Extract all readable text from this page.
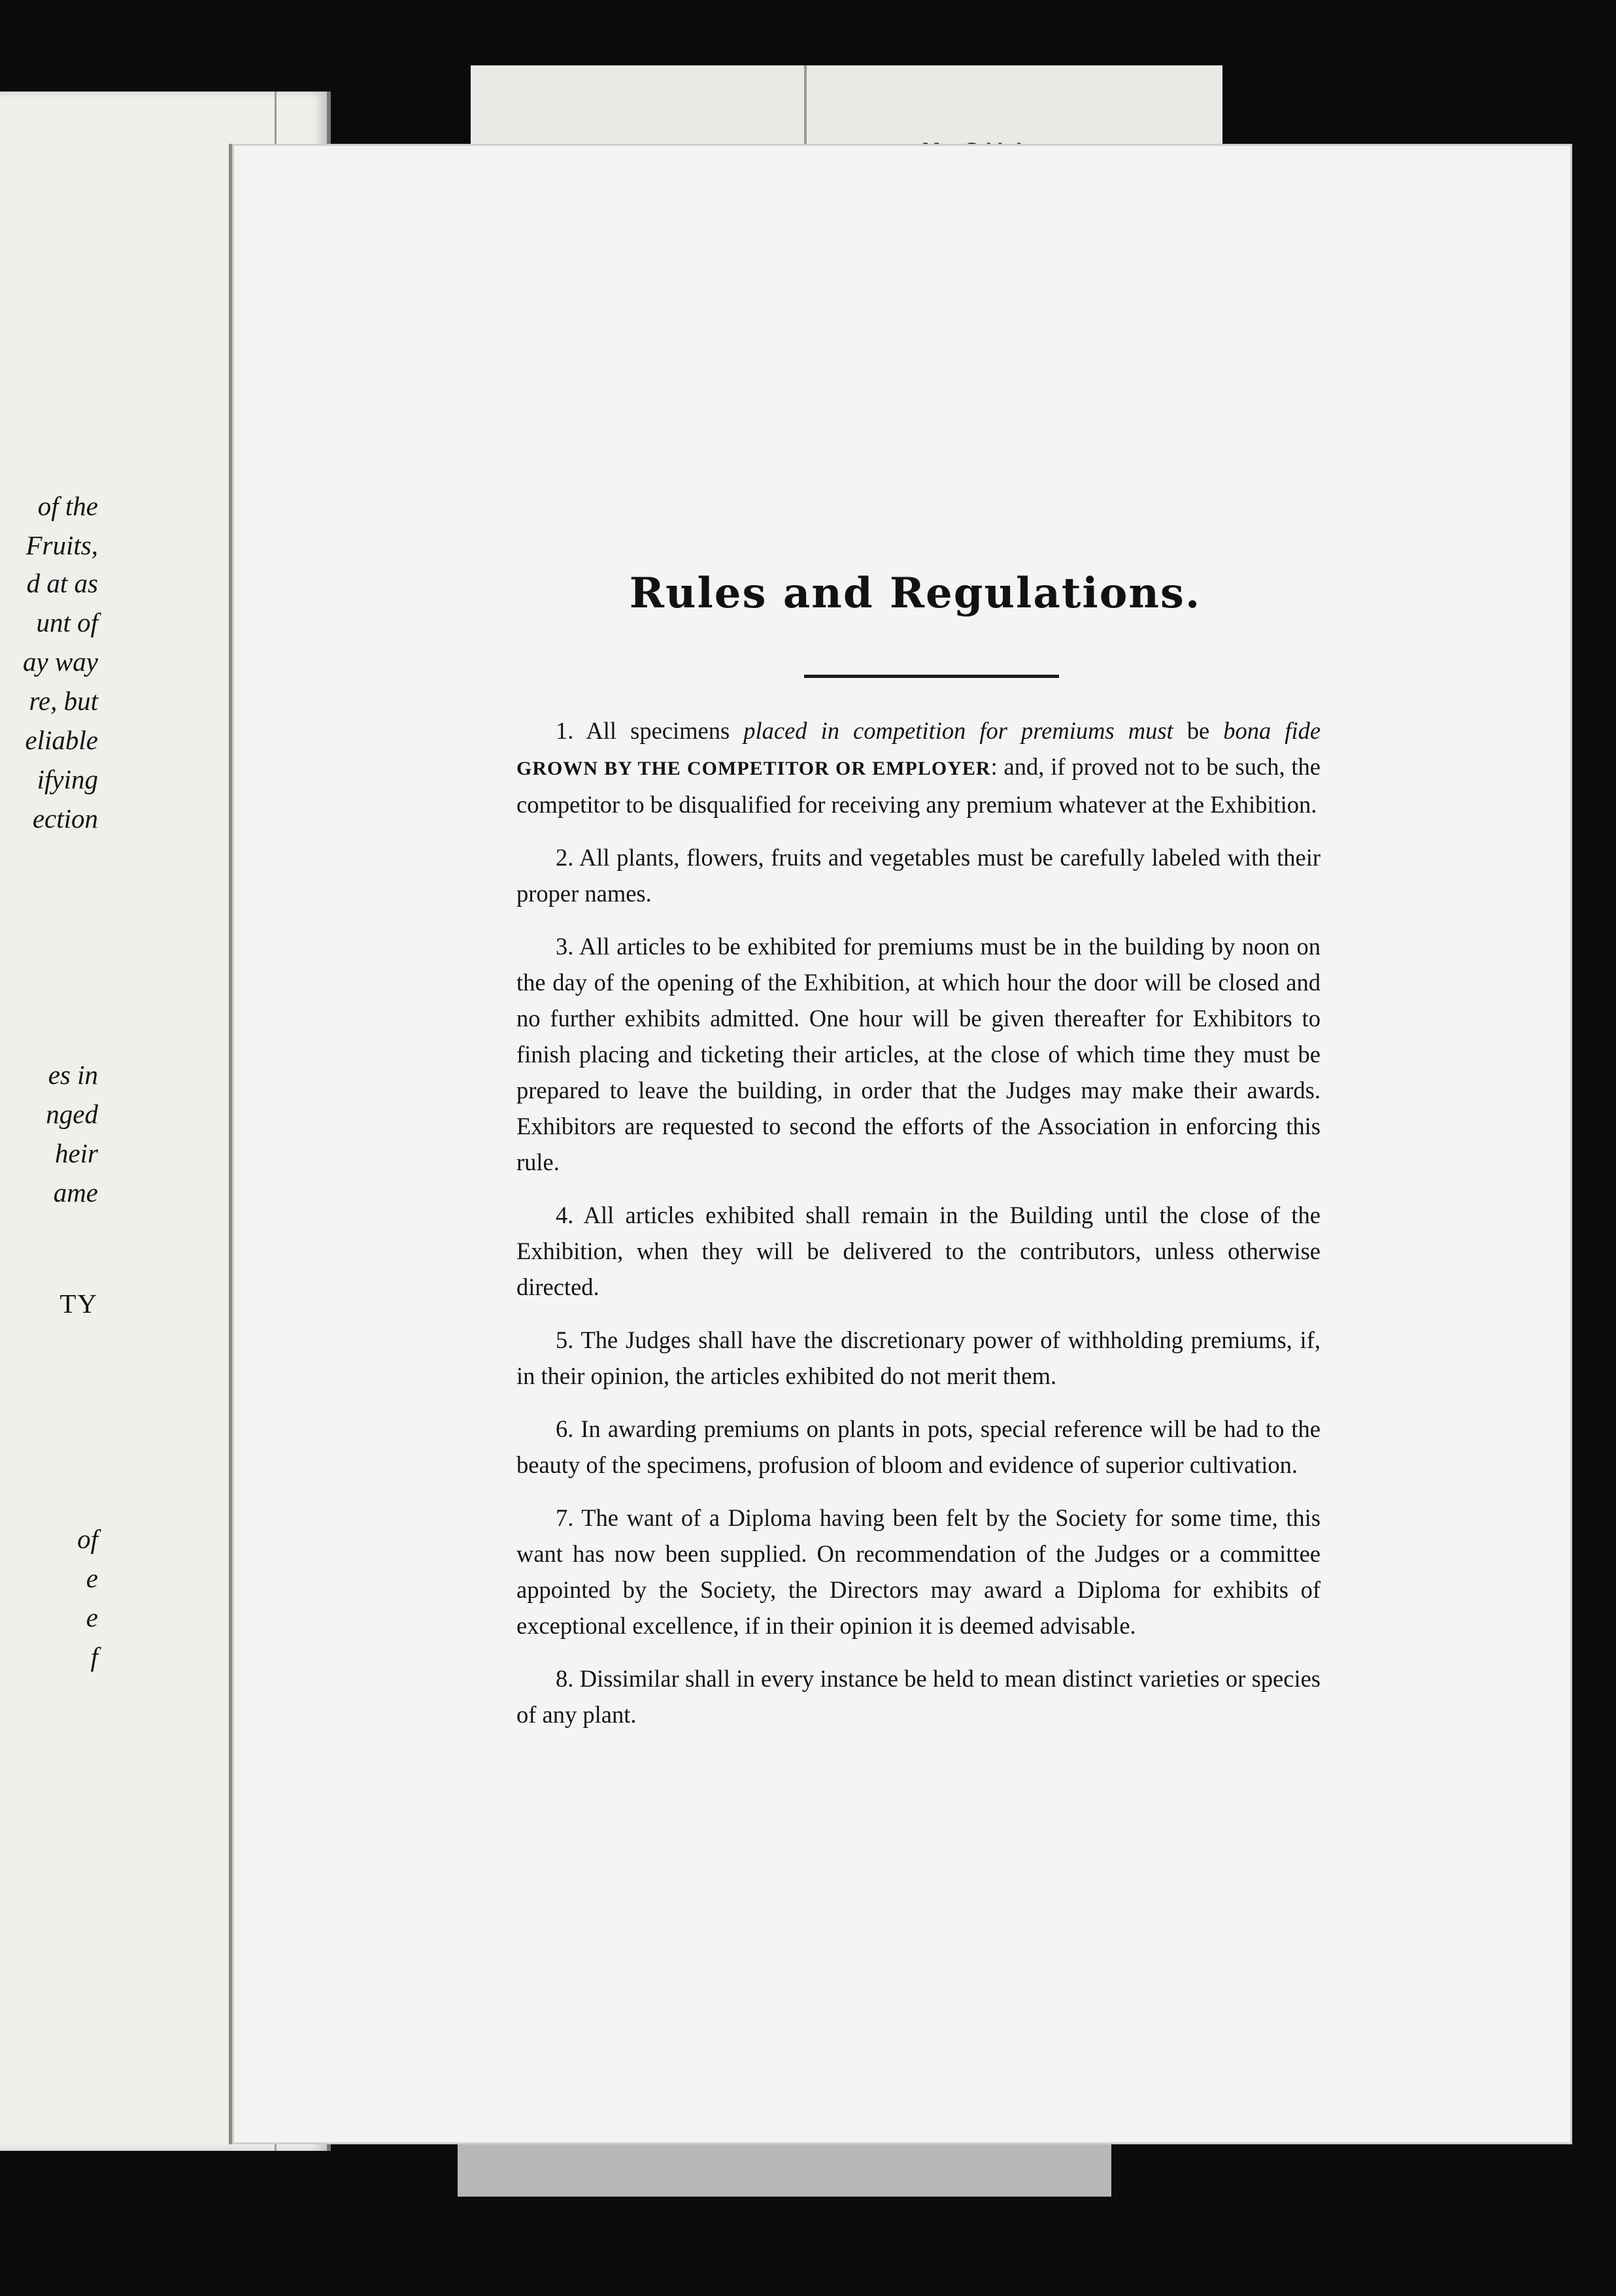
of the
Fruits,
d at as
unt of
ay way
re, but
eliable
ifying
ection
es in
nged
heir
ame
TY
of
e
e
f
Rules and Regulations.
1. All specimens placed in competition for premiums must be bona fide GROWN BY THE COMPETITOR OR EMPLOYER: and, if proved not to be such, the competitor to be disqualified for receiving any premium whatever at the Exhibition.
2. All plants, flowers, fruits and vegetables must be carefully labeled with their proper names.
3. All articles to be exhibited for premiums must be in the building by noon on the day of the opening of the Exhibition, at which hour the door will be closed and no further exhibits admitted. One hour will be given thereafter for Exhibitors to finish placing and ticketing their articles, at the close of which time they must be prepared to leave the building, in order that the Judges may make their awards. Exhibitors are requested to second the efforts of the Association in enforcing this rule.
4. All articles exhibited shall remain in the Building until the close of the Exhibition, when they will be delivered to the contributors, unless otherwise directed.
5. The Judges shall have the discretionary power of withholding premiums, if, in their opinion, the articles exhibited do not merit them.
6. In awarding premiums on plants in pots, special reference will be had to the beauty of the specimens, profusion of bloom and evidence of superior cultivation.
7. The want of a Diploma having been felt by the Society for some time, this want has now been supplied. On recommendation of the Judges or a committee appointed by the Society, the Directors may award a Diploma for exhibits of exceptional excellence, if in their opinion it is deemed advisable.
8. Dissimilar shall in every instance be held to mean distinct varieties or species of any plant.
